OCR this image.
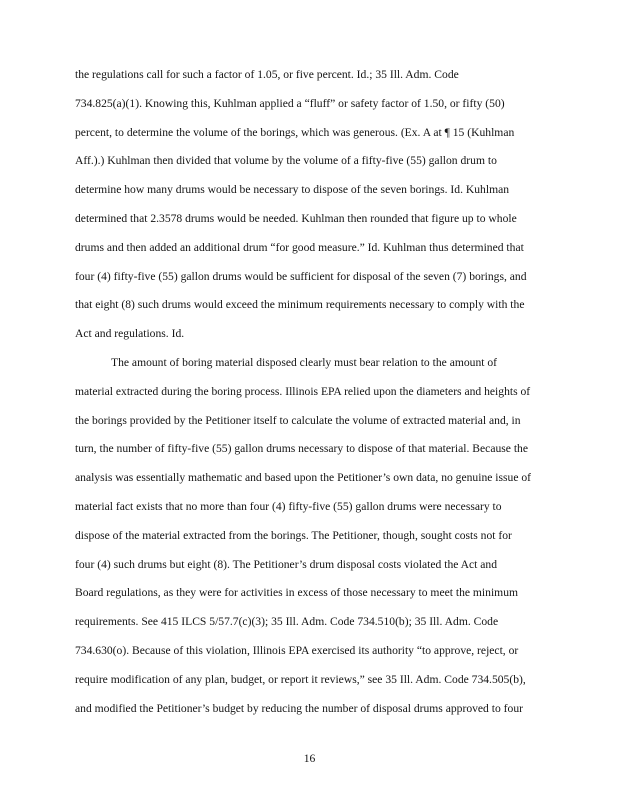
the regulations call for such a factor of 1.05, or five percent. Id.; 35 Ill. Adm. Code
734.825(a)(1). Knowing this, Kuhlman applied a “fluff” or safety factor of 1.50, or fifty (50)
percent, to determine the volume of the borings, which was generous. (Ex. A at ¶ 15 (Kuhlman
Aff.).) Kuhlman then divided that volume by the volume of a fifty-five (55) gallon drum to
determine how many drums would be necessary to dispose of the seven borings. Id. Kuhlman
determined that 2.3578 drums would be needed. Kuhlman then rounded that figure up to whole
drums and then added an additional drum “for good measure.” Id. Kuhlman thus determined that
four (4) fifty-five (55) gallon drums would be sufficient for disposal of the seven (7) borings, and
that eight (8) such drums would exceed the minimum requirements necessary to comply with the
Act and regulations. Id.
The amount of boring material disposed clearly must bear relation to the amount of
material extracted during the boring process. Illinois EPA relied upon the diameters and heights of
the borings provided by the Petitioner itself to calculate the volume of extracted material and, in
turn, the number of fifty-five (55) gallon drums necessary to dispose of that material. Because the
analysis was essentially mathematic and based upon the Petitioner’s own data, no genuine issue of
material fact exists that no more than four (4) fifty-five (55) gallon drums were necessary to
dispose of the material extracted from the borings. The Petitioner, though, sought costs not for
four (4) such drums but eight (8). The Petitioner’s drum disposal costs violated the Act and
Board regulations, as they were for activities in excess of those necessary to meet the minimum
requirements. See 415 ILCS 5/57.7(c)(3); 35 Ill. Adm. Code 734.510(b); 35 Ill. Adm. Code
734.630(o). Because of this violation, Illinois EPA exercised its authority “to approve, reject, or
require modification of any plan, budget, or report it reviews,” see 35 Ill. Adm. Code 734.505(b),
and modified the Petitioner’s budget by reducing the number of disposal drums approved to four
16
